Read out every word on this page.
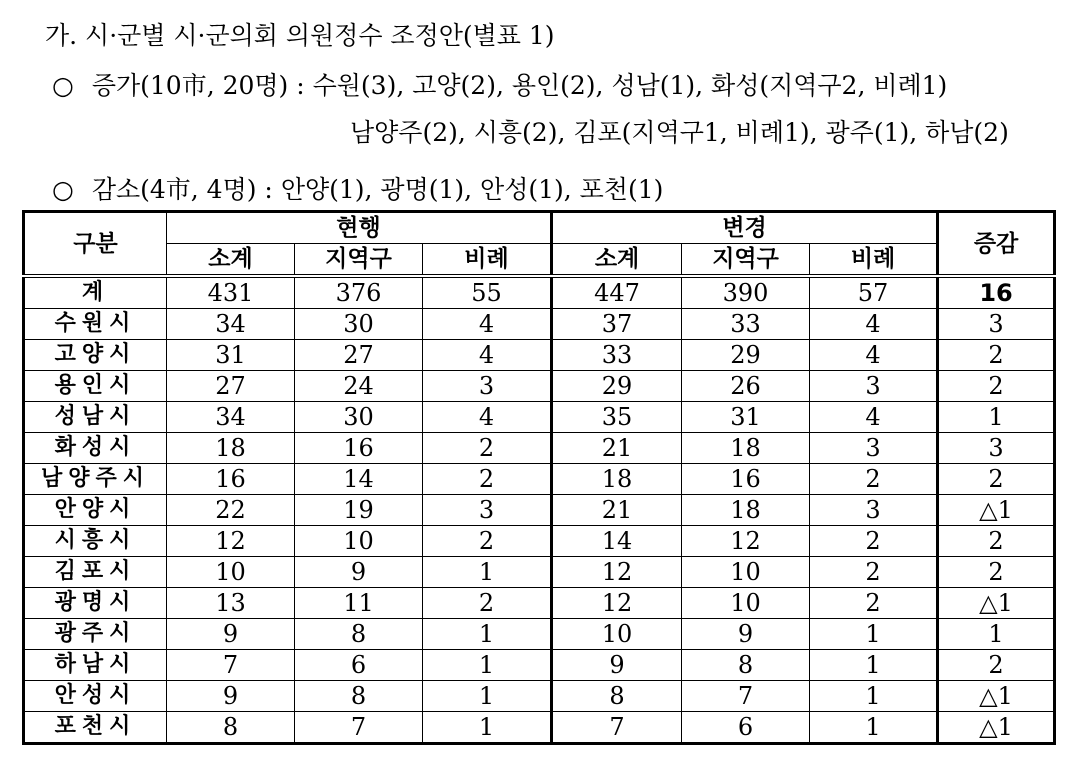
가. 시·군별 시·군의회 의원정수 조정안(별표 1)
○ 증가(10市, 20명) : 수원(3), 고양(2), 용인(2), 성남(1), 화성(지역구2, 비례1)
남양주(2), 시흥(2), 김포(지역구1, 비례1), 광주(1), 하남(2)
○ 감소(4市, 4명) : 안양(1), 광명(1), 안성(1), 포천(1)
구분	현행			변경			증감
	소계	지역구	비례	소계	지역구	비례	
계	431	376	55	447	390	57	16
수원시	34	30	4	37	33	4	3
고양시	31	27	4	33	29	4	2
용인시	27	24	3	29	26	3	2
성남시	34	30	4	35	31	4	1
화성시	18	16	2	21	18	3	3
남양주시	16	14	2	18	16	2	2
안양시	22	19	3	21	18	3	△1
시흥시	12	10	2	14	12	2	2
김포시	10	9	1	12	10	2	2
광명시	13	11	2	12	10	2	△1
광주시	9	8	1	10	9	1	1
하남시	7	6	1	9	8	1	2
안성시	9	8	1	8	7	1	△1
포천시	8	7	1	7	6	1	△1
